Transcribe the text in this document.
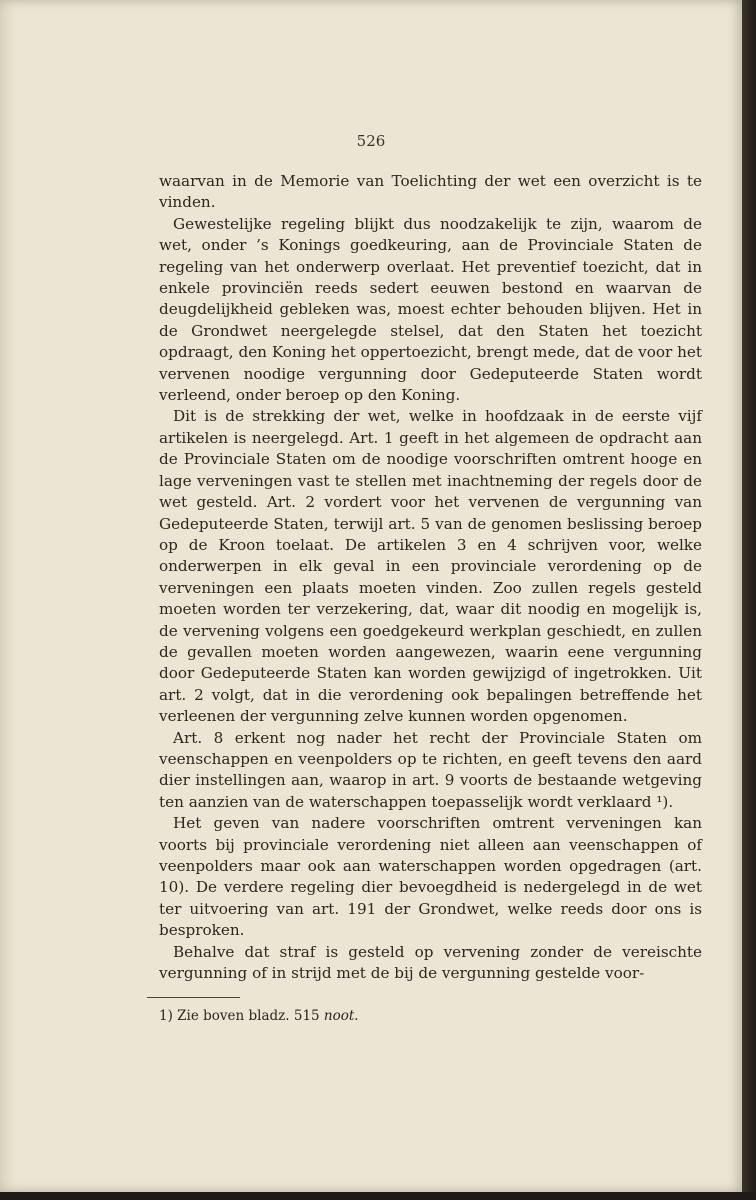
526

waarvan in de Memorie van Toelichting der wet een overzicht is te vinden.

Gewestelijke regeling blijkt dus noodzakelijk te zijn, waarom de wet, onder ’s Konings goedkeuring, aan de Provinciale Staten de regeling van het onderwerp overlaat. Het preventief toezicht, dat in enkele provinciën reeds sedert eeuwen bestond en waarvan de deugdelijkheid gebleken was, moest echter behouden blijven. Het in de Grondwet neergelegde stelsel, dat den Staten het toezicht opdraagt, den Koning het oppertoezicht, brengt mede, dat de voor het vervenen noodige vergunning door Gedeputeerde Staten wordt verleend, onder beroep op den Koning.

Dit is de strekking der wet, welke in hoofdzaak in de eerste vijf artikelen is neergelegd. Art. 1 geeft in het algemeen de opdracht aan de Provinciale Staten om de noodige voorschriften omtrent hooge en lage verveningen vast te stellen met inachtneming der regels door de wet gesteld. Art. 2 vordert voor het vervenen de vergunning van Gedeputeerde Staten, terwijl art. 5 van de genomen beslissing beroep op de Kroon toelaat. De artikelen 3 en 4 schrijven voor, welke onderwerpen in elk geval in een provinciale verordening op de verveningen een plaats moeten vinden. Zoo zullen regels gesteld moeten worden ter verzekering, dat, waar dit noodig en mogelijk is, de vervening volgens een goedgekeurd werkplan geschiedt, en zullen de gevallen moeten worden aangewezen, waarin eene vergunning door Gedeputeerde Staten kan worden gewijzigd of ingetrokken. Uit art. 2 volgt, dat in die verordening ook bepalingen betreffende het verleenen der vergunning zelve kunnen worden opgenomen.

Art. 8 erkent nog nader het recht der Provinciale Staten om veenschappen en veenpolders op te richten, en geeft tevens den aard dier instellingen aan, waarop in art. 9 voorts de bestaande wetgeving ten aanzien van de waterschappen toepasselijk wordt verklaard ¹).

Het geven van nadere voorschriften omtrent verveningen kan voorts bij provinciale verordening niet alleen aan veenschappen of veenpolders maar ook aan waterschappen worden opgedragen (art. 10). De verdere regeling dier bevoegdheid is nedergelegd in de wet ter uitvoering van art. 191 der Grondwet, welke reeds door ons is besproken.

Behalve dat straf is gesteld op vervening zonder de vereischte vergunning of in strijd met de bij de vergunning gestelde voor-

1) Zie boven bladz. 515 noot.
